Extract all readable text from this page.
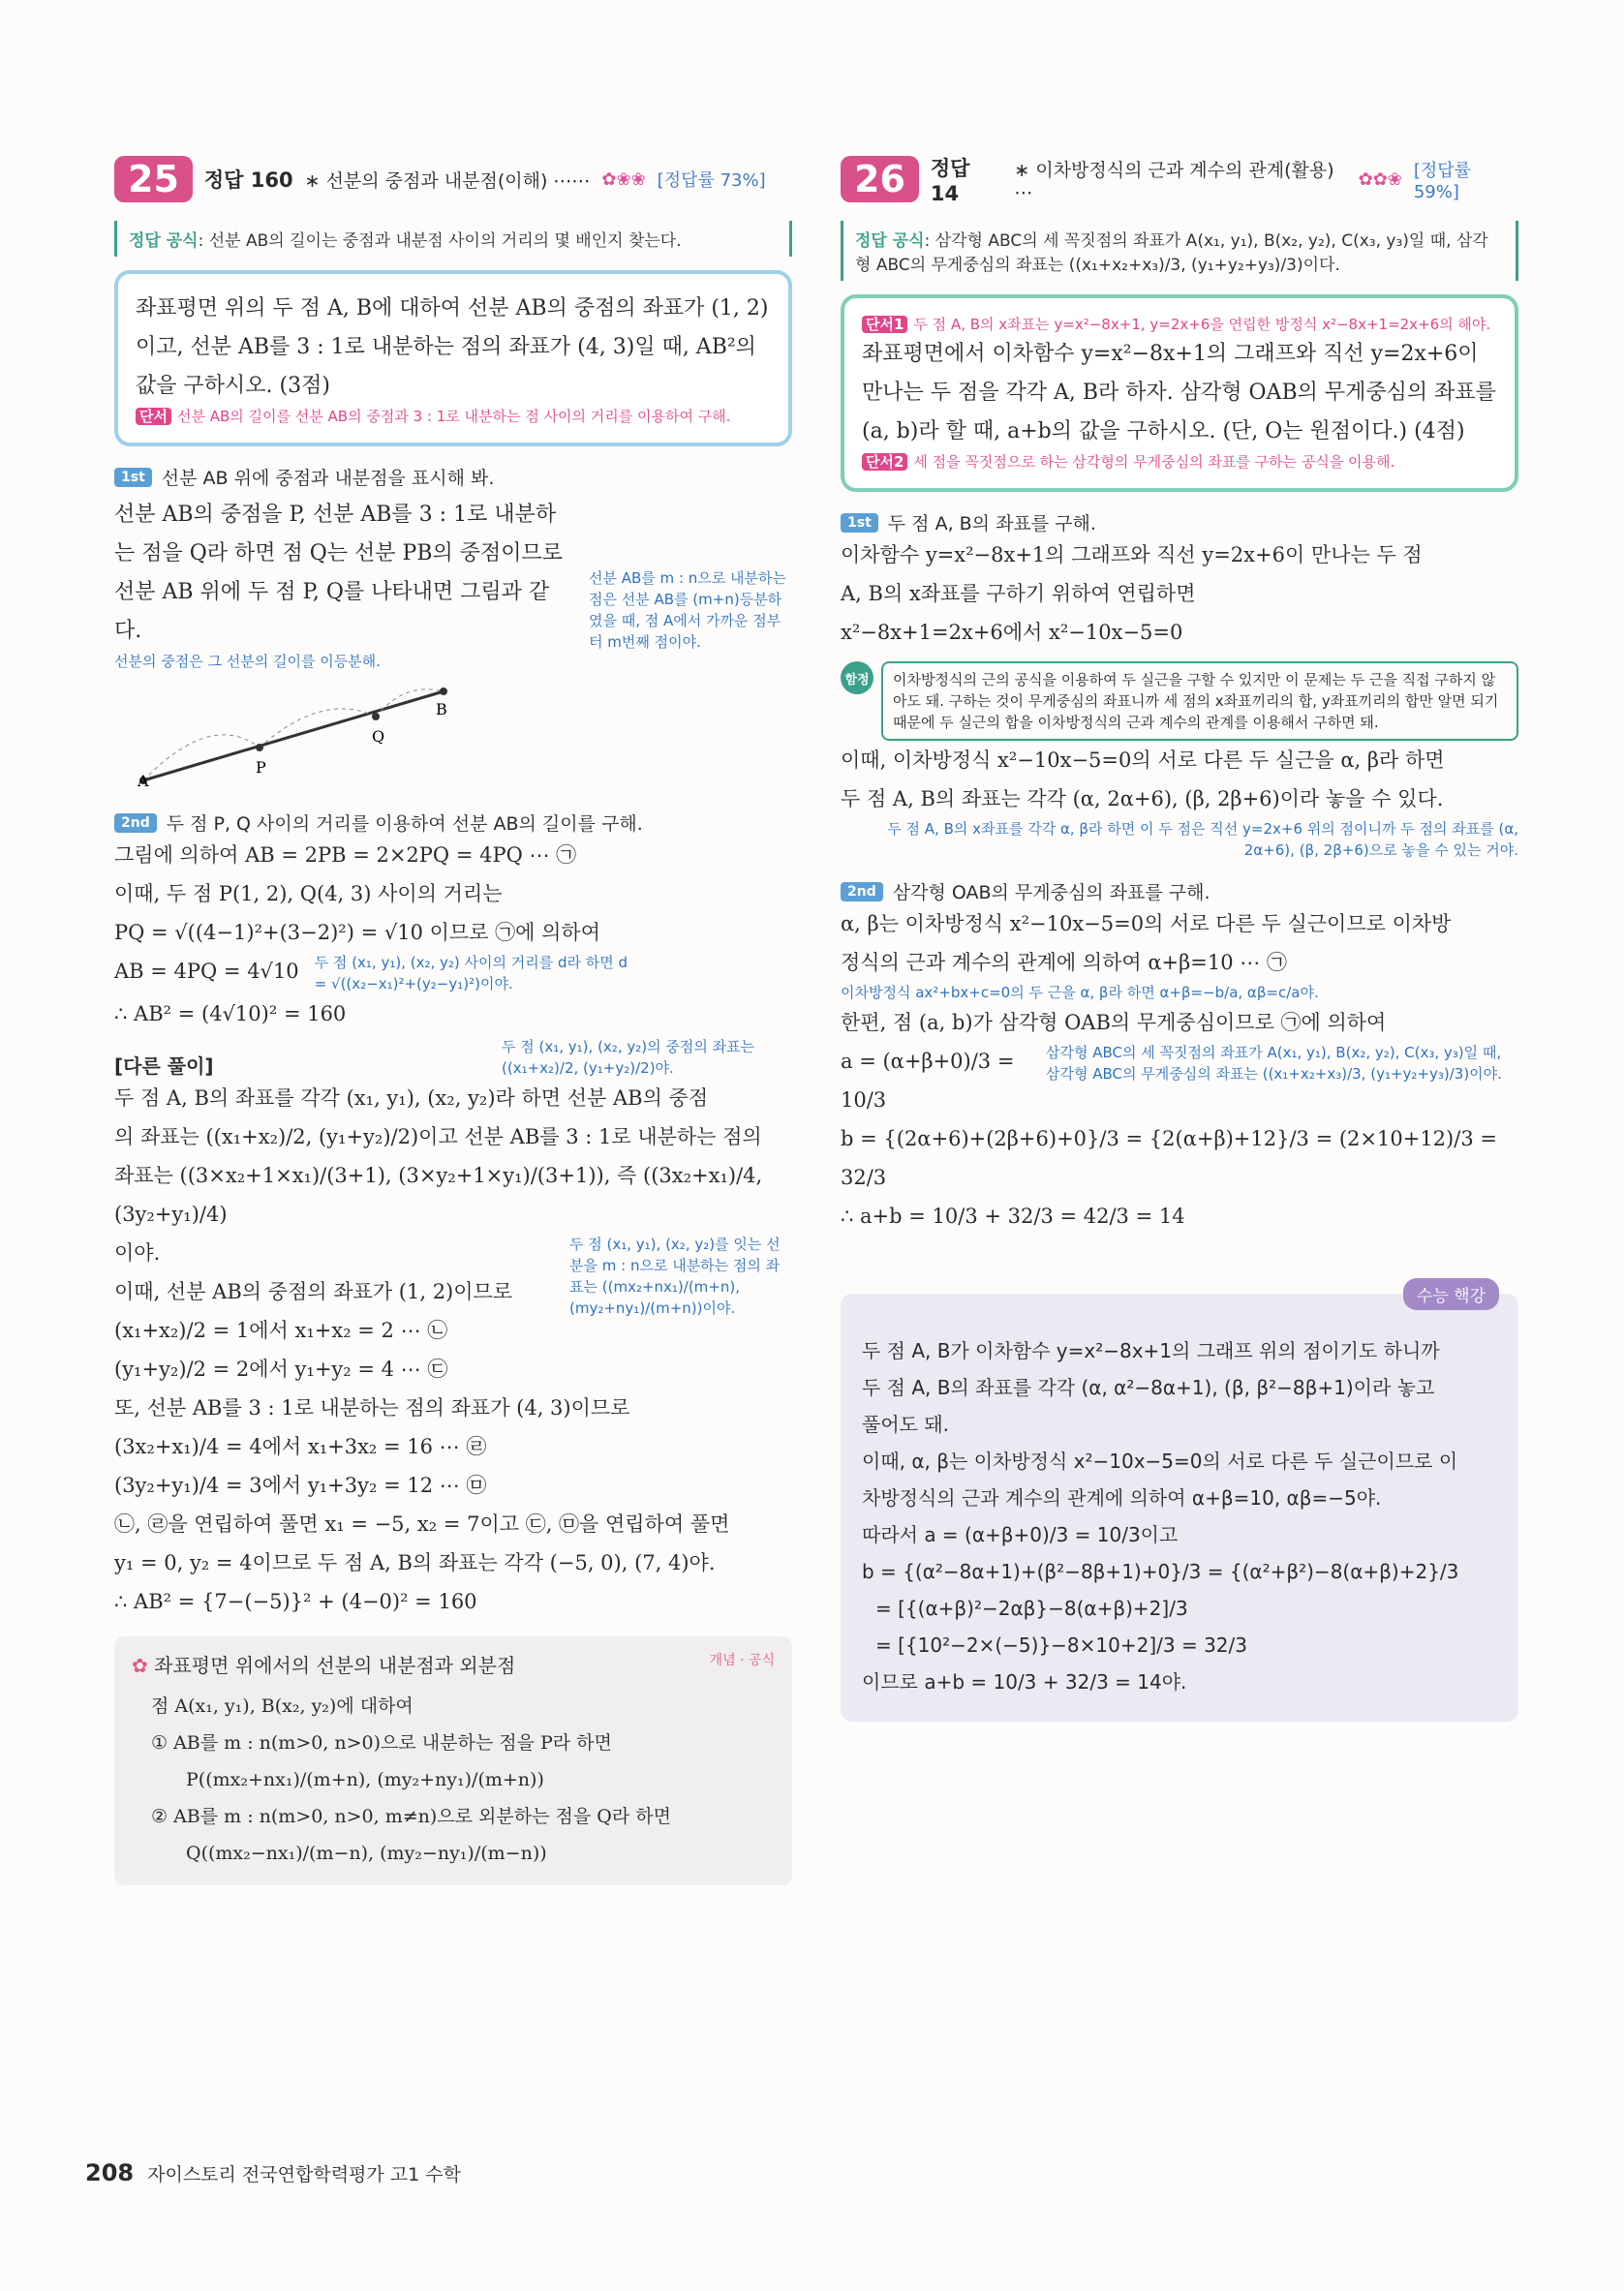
25	정답 160 ∗ 선분의 중점과 내분점(이해) ⋯⋯ ✿❀❀ [정답률 73%]
정답 공식: 선분 AB의 길이는 중점과 내분점 사이의 거리의 몇 배인지 찾는다.
좌표평면 위의 두 점 A, B에 대하여 선분 AB의 중점의 좌표가 (1, 2)이고, 선분 AB를 3 : 1로 내분하는 점의 좌표가 (4, 3)일 때, AB²의 값을 구하시오. (3점)
단서 선분 AB의 길이를 선분 AB의 중점과 3 : 1로 내분하는 점 사이의 거리를 이용하여 구해.
1st 선분 AB 위에 중점과 내분점을 표시해 봐.
선분 AB의 중점을 P, 선분 AB를 3 : 1로 내분하는 점을 Q라 하면 점 Q는 선분 PB의 중점이므로 선분 AB 위에 두 점 P, Q를 나타내면 그림과 같다.
선분의 중점은 그 선분의 길이를 이등분해.
A
P
Q
B
선분 AB를 m : n으로 내분하는 점은 선분 AB를 (m+n)등분하였을 때, 점 A에서 가까운 점부터 m번째 점이야.
2nd 두 점 P, Q 사이의 거리를 이용하여 선분 AB의 길이를 구해.
그림에 의하여 AB = 2PB = 2×2PQ = 4PQ ⋯ ㉠
이때, 두 점 P(1, 2), Q(4, 3) 사이의 거리는
PQ = √((4−1)²+(3−2)²) = √10 이므로 ㉠에 의하여
AB = 4PQ = 4√10 두 점 (x₁, y₁), (x₂, y₂) 사이의 거리를 d라 하면 d = √((x₂−x₁)²+(y₂−y₁)²)이야.
∴ AB² = (4√10)² = 160
[다른 풀이]
두 점 (x₁, y₁), (x₂, y₂)의 중점의 좌표는 ((x₁+x₂)/2, (y₁+y₂)/2)야.
두 점 A, B의 좌표를 각각 (x₁, y₁), (x₂, y₂)라 하면 선분 AB의 중점
의 좌표는 ((x₁+x₂)/2, (y₁+y₂)/2)이고 선분 AB를 3 : 1로 내분하는 점의
좌표는 ((3×x₂+1×x₁)/(3+1), (3×y₂+1×y₁)/(3+1)), 즉 ((3x₂+x₁)/4, (3y₂+y₁)/4)
이야.
이때, 선분 AB의 중점의 좌표가 (1, 2)이므로
(x₁+x₂)/2 = 1에서 x₁+x₂ = 2 ⋯ ㉡
두 점 (x₁, y₁), (x₂, y₂)를 잇는 선분을 m : n으로 내분하는 점의 좌표는 ((mx₂+nx₁)/(m+n), (my₂+ny₁)/(m+n))이야.
(y₁+y₂)/2 = 2에서 y₁+y₂ = 4 ⋯ ㉢
또, 선분 AB를 3 : 1로 내분하는 점의 좌표가 (4, 3)이므로
(3x₂+x₁)/4 = 4에서 x₁+3x₂ = 16 ⋯ ㉣
(3y₂+y₁)/4 = 3에서 y₁+3y₂ = 12 ⋯ ㉤
㉡, ㉣을 연립하여 풀면 x₁ = −5, x₂ = 7이고 ㉢, ㉤을 연립하여 풀면
y₁ = 0, y₂ = 4이므로 두 점 A, B의 좌표는 각각 (−5, 0), (7, 4)야.
∴ AB² = {7−(−5)}² + (4−0)² = 160
✿ 좌표평면 위에서의 선분의 내분점과 외분점	개념 · 공식
점 A(x₁, y₁), B(x₂, y₂)에 대하여
① AB를 m : n(m>0, n>0)으로 내분하는 점을 P라 하면
P((mx₂+nx₁)/(m+n), (my₂+ny₁)/(m+n))
② AB를 m : n(m>0, n>0, m≠n)으로 외분하는 점을 Q라 하면
Q((mx₂−nx₁)/(m−n), (my₂−ny₁)/(m−n))
26	정답 14
∗ 이차방정식의 근과 계수의 관계(활용) ⋯
✿✿❀ [정답률 59%]
정답 공식: 삼각형 ABC의 세 꼭짓점의 좌표가 A(x₁, y₁), B(x₂, y₂), C(x₃, y₃)일 때, 삼각형 ABC의 무게중심의 좌표는 ((x₁+x₂+x₃)/3, (y₁+y₂+y₃)/3)이다.
단서1 두 점 A, B의 x좌표는 y=x²−8x+1, y=2x+6을 연립한 방정식 x²−8x+1=2x+6의 해야.
좌표평면에서 이차함수 y=x²−8x+1의 그래프와 직선 y=2x+6이 만나는 두 점을 각각 A, B라 하자. 삼각형 OAB의 무게중심의 좌표를 (a, b)라 할 때, a+b의 값을 구하시오. (단, O는 원점이다.) (4점)
단서2 세 점을 꼭짓점으로 하는 삼각형의 무게중심의 좌표를 구하는 공식을 이용해.
1st 두 점 A, B의 좌표를 구해.
이차함수 y=x²−8x+1의 그래프와 직선 y=2x+6이 만나는 두 점
A, B의 x좌표를 구하기 위하여 연립하면
x²−8x+1=2x+6에서 x²−10x−5=0
함정	이차방정식의 근의 공식을 이용하여 두 실근을 구할 수 있지만 이 문제는 두 근을 직접 구하지 않아도 돼. 구하는 것이 무게중심의 좌표니까 세 점의 x좌표끼리의 합, y좌표끼리의 합만 알면 되기 때문에 두 실근의 합을 이차방정식의 근과 계수의 관계를 이용해서 구하면 돼.
이때, 이차방정식 x²−10x−5=0의 서로 다른 두 실근을 α, β라 하면
두 점 A, B의 좌표는 각각 (α, 2α+6), (β, 2β+6)이라 놓을 수 있다.
두 점 A, B의 x좌표를 각각 α, β라 하면 이 두 점은 직선 y=2x+6 위의 점이니까 두 점의 좌표를 (α, 2α+6), (β, 2β+6)으로 놓을 수 있는 거야.
2nd 삼각형 OAB의 무게중심의 좌표를 구해.
α, β는 이차방정식 x²−10x−5=0의 서로 다른 두 실근이므로 이차방
정식의 근과 계수의 관계에 의하여 α+β=10 ⋯ ㉠
이차방정식 ax²+bx+c=0의 두 근을 α, β라 하면 α+β=−b/a, αβ=c/a야.
한편, 점 (a, b)가 삼각형 OAB의 무게중심이므로 ㉠에 의하여
a = (α+β+0)/3 = 10/3
삼각형 ABC의 세 꼭짓점의 좌표가 A(x₁, y₁), B(x₂, y₂), C(x₃, y₃)일 때, 삼각형 ABC의 무게중심의 좌표는 ((x₁+x₂+x₃)/3, (y₁+y₂+y₃)/3)이야.
b = {(2α+6)+(2β+6)+0}/3 = {2(α+β)+12}/3 = (2×10+12)/3 = 32/3
∴ a+b = 10/3 + 32/3 = 42/3 = 14
수능 핵강

두 점 A, B가 이차함수 y=x²−8x+1의 그래프 위의 점이기도 하니까

두 점 A, B의 좌표를 각각 (α, α²−8α+1), (β, β²−8β+1)이라 놓고

풀어도 돼.

이때, α, β는 이차방정식 x²−10x−5=0의 서로 다른 두 실근이므로 이

차방정식의 근과 계수의 관계에 의하여 α+β=10, αβ=−5야.

따라서 a = (α+β+0)/3 = 10/3이고

b = {(α²−8α+1)+(β²−8β+1)+0}/3 = {(α²+β²)−8(α+β)+2}/3

= [{(α+β)²−2αβ}−8(α+β)+2]/3

= [{10²−2×(−5)}−8×10+2]/3 = 32/3

이므로 a+b = 10/3 + 32/3 = 14야.

208 자이스토리 전국연합학력평가 고1 수학
